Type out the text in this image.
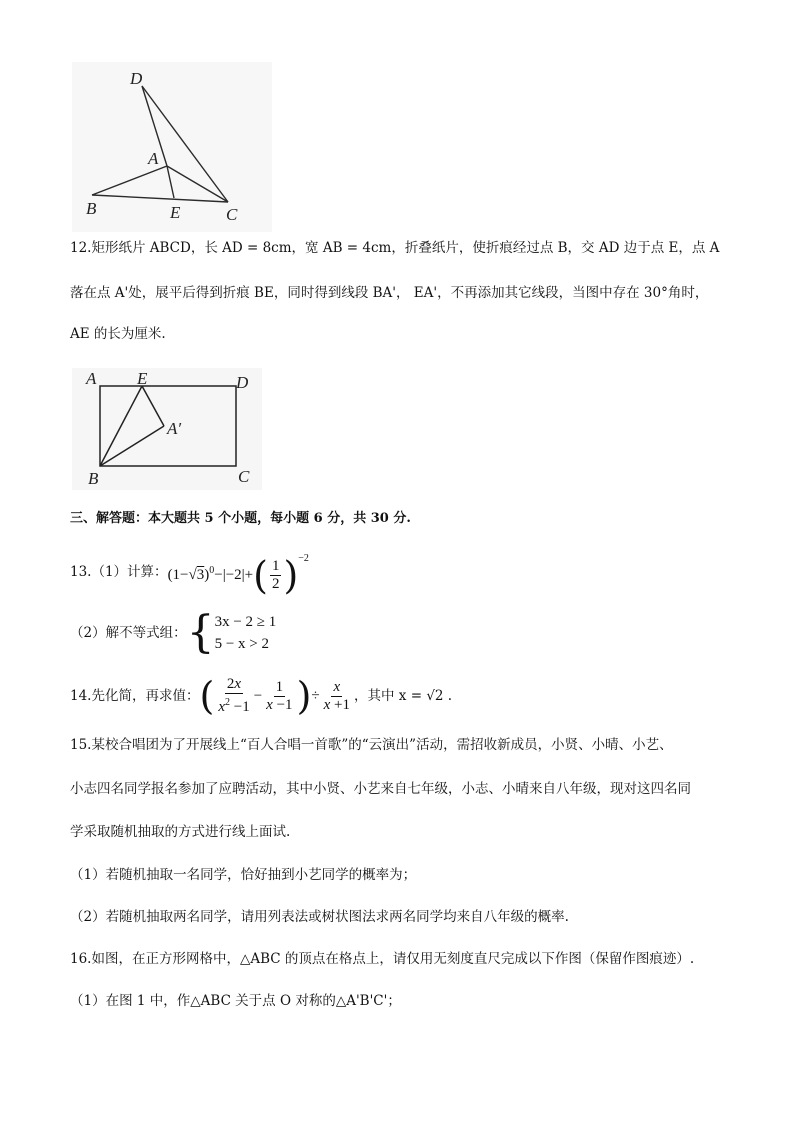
D
A
B	E	C
12.矩形纸片 ABCD，长 AD = 8cm，宽 AB = 4cm，折叠纸片，使折痕经过点 B，交 AD 边于点 E，点 A
落在点 A'处，展平后得到折痕 BE，同时得到线段 BA'， EA'，不再添加其它线段，当图中存在 30°角时，
AE 的长为厘米.
A E	D
A′
B	C
三、解答题：本大题共 5 个小题，每小题 6 分，共 30 分.
13.（1）计算： $(1-√3)^0-|-2|+( \frac{1}{2} )^{-2}$
（2）解不等式组： { 3x − 2 ≥ 1
5 − x > 2
14.先化简，再求值： ( $\frac{2x}{x^2 -1} - \frac{1}{x -1}$ ) ÷ $\frac{x}{x +1}$ ，其中 x = √2 .
15.某校合唱团为了开展线上“百人合唱一首歌”的“云演出”活动，需招收新成员，小贤、小晴、小艺、
小志四名同学报名参加了应聘活动，其中小贤、小艺来自七年级，小志、小晴来自八年级，现对这四名同
学采取随机抽取的方式进行线上面试.
（1）若随机抽取一名同学，恰好抽到小艺同学的概率为；
（2）若随机抽取两名同学，请用列表法或树状图法求两名同学均来自八年级的概率.
16.如图，在正方形网格中，△ABC 的顶点在格点上，请仅用无刻度直尺完成以下作图（保留作图痕迹）.
（1）在图 1 中，作△ABC 关于点 O 对称的△A'B'C'；
